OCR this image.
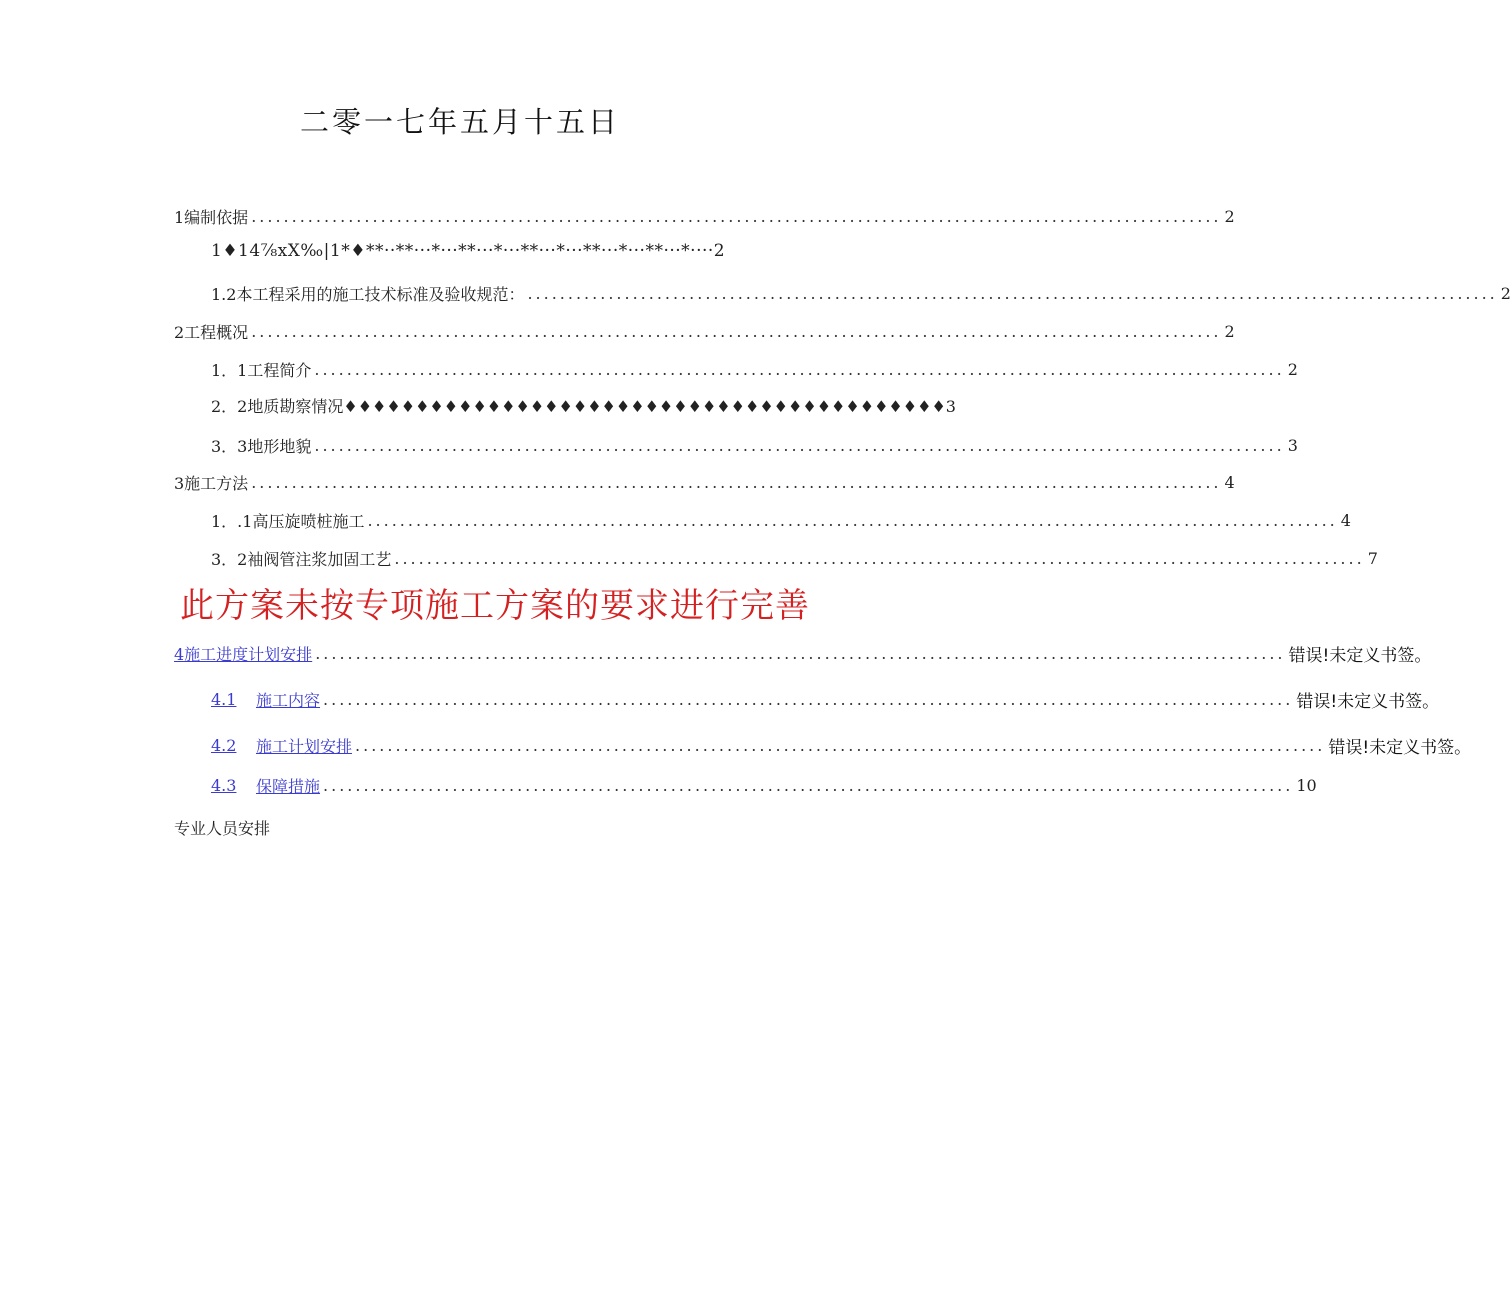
二零一七年五月十五日
1编制依据 ........................................................................................................................ 2
1♦14⅞xX‰|1*♦**··**···*···**···*···**···*···**···*···**···*····2
1.2本工程采用的施工技术标准及验收规范： ........................................................................................................................ 2
2工程概况 ........................................................................................................................ 2
1．1工程简介 ........................................................................................................................ 2
2．2地质勘察情况♦♦♦♦♦♦♦♦♦♦♦♦♦♦♦♦♦♦♦♦♦♦♦♦♦♦♦♦♦♦♦♦♦♦♦♦♦♦♦♦♦♦3
3．3地形地貌 ........................................................................................................................ 3
3施工方法 ........................................................................................................................ 4
1．.1高压旋喷桩施工 ........................................................................................................................ 4
3．2袖阀管注浆加固工艺 ........................................................................................................................ 7
此方案未按专项施工方案的要求进行完善
4施工进度计划安排 ........................................................................................................................ 错误!未定义书签。
4.1	施工内容 ........................................................................................................................ 错误!未定义书签。
4.2	施工计划安排 ........................................................................................................................ 错误!未定义书签。
4.3	保障措施 ........................................................................................................................ 10
专业人员安排
